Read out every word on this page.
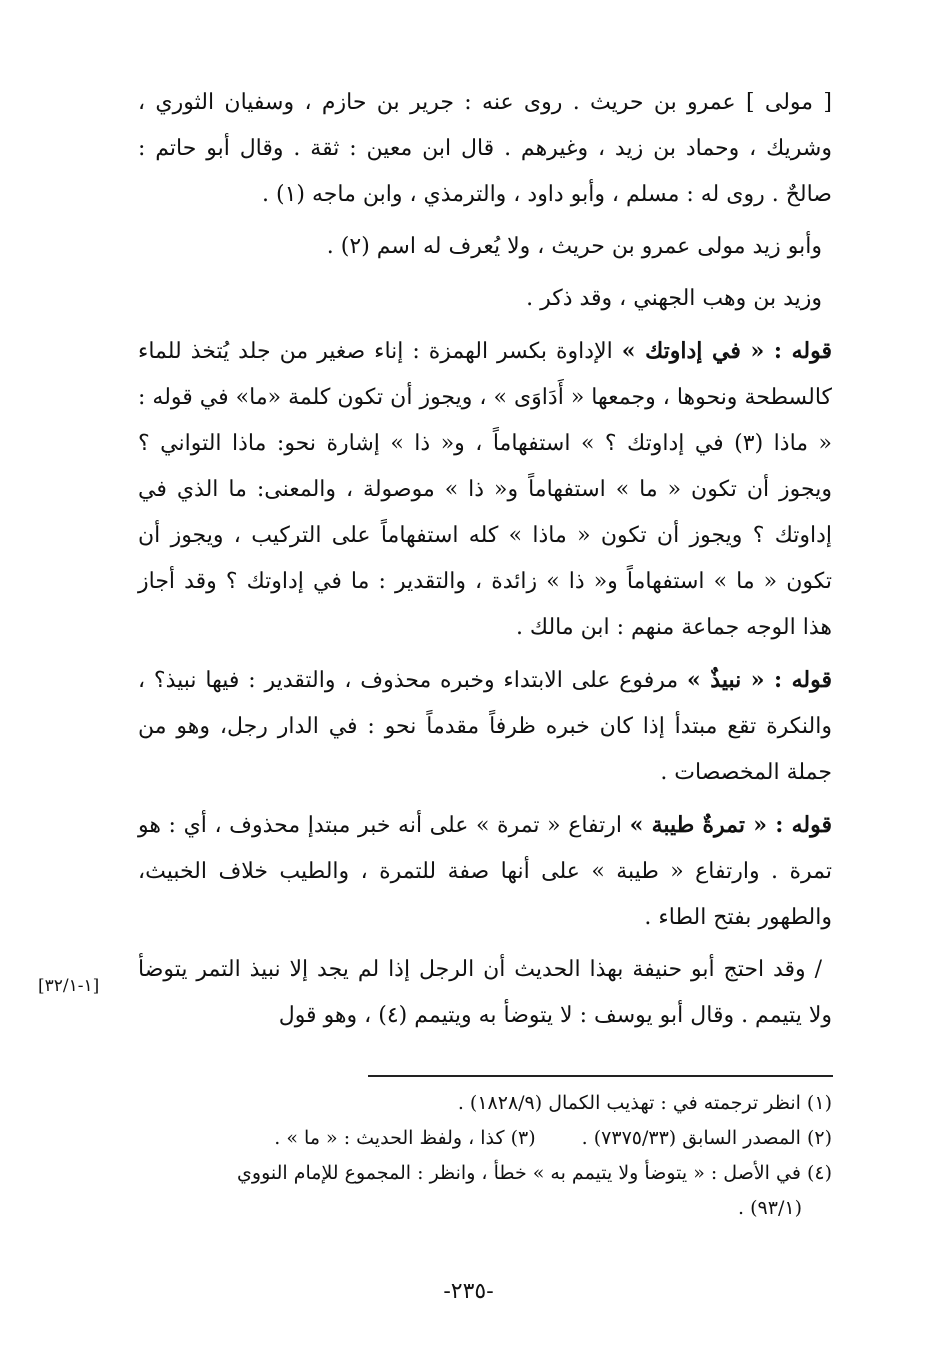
[ مولى ] عمرو بن حريث . روى عنه : جرير بن حازم ، وسفيان الثوري ، وشريك ، وحماد بن زيد ، وغيرهم . قال ابن معين : ثقة . وقال أبو حاتم : صالحٌ . روى له : مسلم ، وأبو داود ، والترمذي ، وابن ماجه (١) .

وأبو زيد مولى عمرو بن حريث ، ولا يُعرف له اسم (٢) .

وزيد بن وهب الجهني ، وقد ذكر .

قوله : « في إداوتك » الإداوة بكسر الهمزة : إناء صغير من جلد يُتخذ للماء كالسطحة ونحوها ، وجمعها « أَدَاوَى » ، ويجوز أن تكون كلمة «ما» في قوله : « ماذا (٣) في إداوتك ؟ » استفهاماً ، و« ذا » إشارة نحو: ماذا التواني ؟ ويجوز أن تكون « ما » استفهاماً و« ذا » موصولة ، والمعنى: ما الذي في إداوتك ؟ ويجوز أن تكون « ماذا » كله استفهاماً على التركيب ، ويجوز أن تكون « ما » استفهاماً و« ذا » زائدة ، والتقدير : ما في إداوتك ؟ وقد أجاز هذا الوجه جماعة منهم : ابن مالك .

قوله : « نبيذٌ » مرفوع على الابتداء وخبره محذوف ، والتقدير : فيها نبيذ؟ ، والنكرة تقع مبتدأ إذا كان خبره ظرفاً مقدماً نحو : في الدار رجل، وهو من جملة المخصصات .

قوله : « تمرةٌ طيبة » ارتفاع « تمرة » على أنه خبر مبتدإ محذوف ، أي : هو تمرة . وارتفاع « طيبة » على أنها صفة للتمرة ، والطيب خلاف الخبيث، والطهور بفتح الطاء .

/ وقد احتج أبو حنيفة بهذا الحديث أن الرجل إذا لم يجد إلا نبيذ التمر يتوضأ ولا يتيمم . وقال أبو يوسف : لا يتوضأ به ويتيمم (٤) ، وهو قول

[١-٣٢/١]
(١) انظر ترجمته في : تهذيب الكمال (١٨٢٨/٩) .
(٢) المصدر السابق (٧٣٧٥/٣٣) .
(٣) كذا ، ولفظ الحديث : « ما » .
(٤) في الأصل : « يتوضأ ولا يتيمم به » خطأ ، وانظر : المجموع للإمام النووي
(٩٣/١) .
-٢٣٥-
